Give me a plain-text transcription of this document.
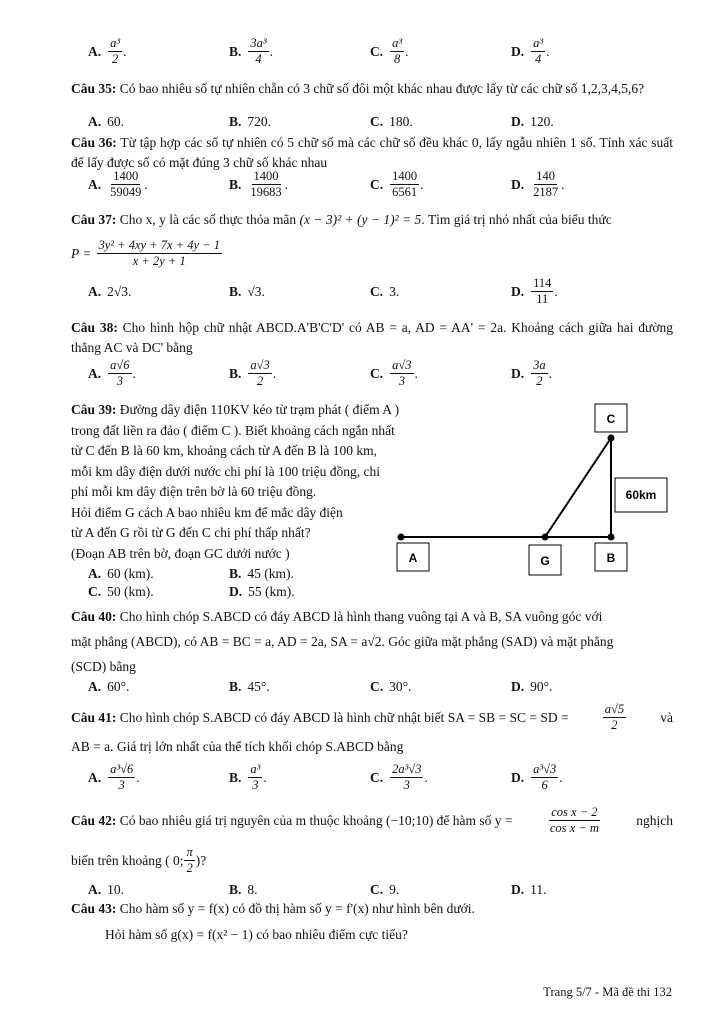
A. $\frac{\text{a³}}{2}$ .	B. $\frac{\text{3a³}}{4}$ .	C. $\frac{\text{a³}}{8}$ .	D. $\frac{\text{a³}}{4}$ .
Câu 35: Có bao nhiêu số tự nhiên chẵn có 3 chữ số đôi một khác nhau được lấy từ các chữ số 1,2,3,4,5,6?
A. 60.	B. 720.	C. 180.	D. 120.
Câu 36: Từ tập hợp các số tự nhiên có 5 chữ số mà các chữ số đều khác 0, lấy ngẫu nhiên 1 số. Tính xác suất để lấy được số có mặt đúng 3 chữ số khác nhau
A. $\frac{1400}{59049}$ .	B. $\frac{1400}{19683}$ .	C. $\frac{1400}{6561}$ .	D. $\frac{140}{2187}$ .
Câu 37: Cho x, y là các số thực thỏa mãn (x − 3)² + (y − 1)² = 5. Tìm giá trị nhỏ nhất của biểu thức
$P = \frac{\text{3y² + 4xy + 7x + 4y − 1}}{x + 2y + 1}$
A. 2√3.	B. √3.	C. 3.	D. $\frac{114}{11}$ .
Câu 38: Cho hình hộp chữ nhật ABCD.A'B'C'D' có AB = a, AD = AA' = 2a. Khoảng cách giữa hai đường thẳng AC và DC' bằng
A. $\frac{a√6}{3}$ .	B. $\frac{a√3}{2}$ .	C. $\frac{a√3}{3}$ .	D. $\frac{3a}{2}$ .
Câu 39: Đường dây điện 110KV kéo từ trạm phát ( điểm A )
trong đất liền ra đảo ( điểm C ). Biết khoảng cách ngắn nhất
từ C đến B là 60 km, khoảng cách từ A đến B là 100 km,
mỗi km dây điện dưới nước chi phí là 100 triệu đồng, chi
phí mỗi km dây điện trên bờ là 60 triệu đồng.
Hỏi điểm G cách A bao nhiêu km để mắc dây điện
từ A đến G rồi từ G đến C chi phí thấp nhất?
(Đoạn AB trên bờ, đoạn GC dưới nước )
A. 60 (km).	B. 45 (km).
C. 50 (km).	D. 55 (km).
C
60km
A	G	B
Câu 40: Cho hình chóp S.ABCD có đáy ABCD là hình thang vuông tại A và B, SA vuông góc với
mặt phẳng (ABCD), có AB = BC = a, AD = 2a, SA = a√2. Góc giữa mặt phẳng (SAD) và mặt phẳng
(SCD) bằng
A. 60°.	B. 45°.	C. 30°.	D. 90°.
Câu 41: Cho hình chóp S.ABCD có đáy ABCD là hình chữ nhật biết SA = SB = SC = SD =	$\frac{a√5}{2}$	và
AB = a. Giá trị lớn nhất của thể tích khối chóp S.ABCD bằng
A. $\frac{\text{a³√6}}{3}$ .	B. $\frac{\text{a³}}{3}$ .	C. $\frac{\text{2a³√3}}{3}$ .	D. $\frac{\text{a³√3}}{6}$ .
Câu 42: Có bao nhiêu giá trị nguyên của m thuộc khoảng (−10;10) để hàm số y =	$\frac{\text{cos x − 2}}{\text{cos x − m}}$	nghịch
biến trên khoảng
( 0; $\frac{\pi}{2}$ )?
A. 10.	B. 8.	C. 9.	D. 11.
Câu 43: Cho hàm số y = f(x) có đồ thị hàm số y = f'(x) như hình bên dưới.
Hỏi hàm số g(x) = f(x² − 1) có bao nhiêu điểm cực tiểu?
Trang 5/7 - Mã đề thi 132
